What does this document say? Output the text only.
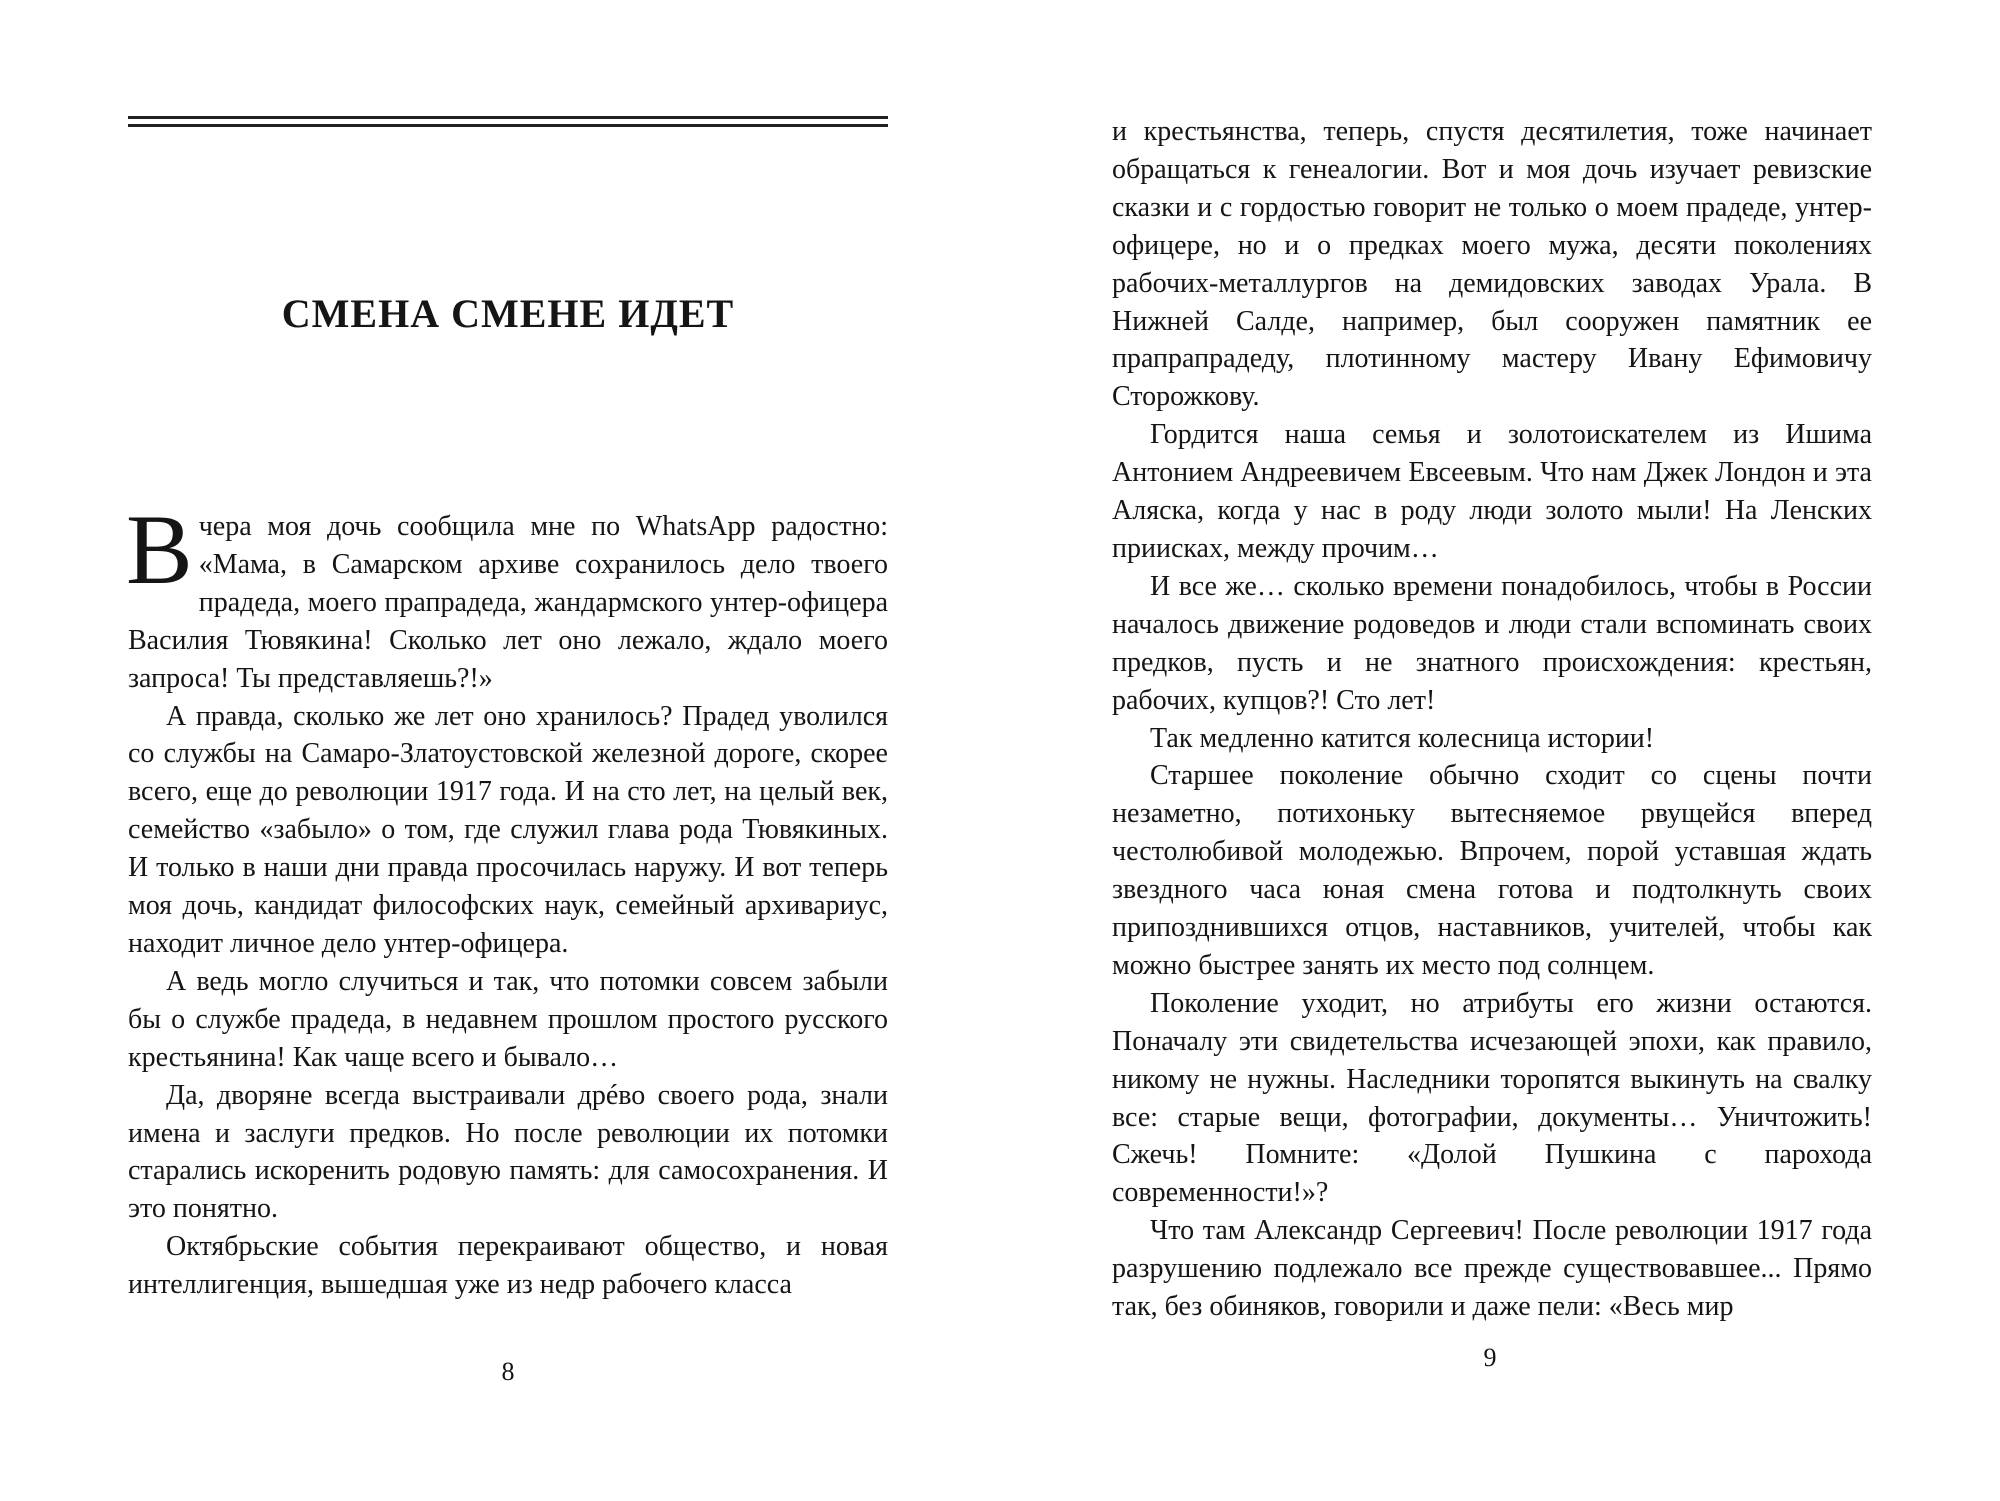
СМЕНА СМЕНЕ ИДЕТ

Вчера моя дочь сообщила мне по WhatsApp радостно: «Мама, в Самарском архиве сохранилось дело твоего прадеда, моего прапрадеда, жандармского унтер-офицера Василия Тювякина! Сколько лет оно лежало, ждало моего запроса! Ты представляешь?!»

А правда, сколько же лет оно хранилось? Прадед уволился со службы на Самаро-Златоустовской железной дороге, скорее всего, еще до революции 1917 года. И на сто лет, на целый век, семейство «забыло» о том, где служил глава рода Тювякиных. И только в наши дни правда просочилась наружу. И вот теперь моя дочь, кандидат философских наук, семейный архивариус, находит личное дело унтер-офицера.

А ведь могло случиться и так, что потомки совсем забыли бы о службе прадеда, в недавнем прошлом простого русского крестьянина! Как чаще всего и бывало…

Да, дворяне всегда выстраивали дрéво своего рода, знали имена и заслуги предков. Но после революции их потомки старались искоренить родовую память: для самосохранения. И это понятно.

Октябрьские события перекраивают общество, и новая интеллигенция, вышедшая уже из недр рабочего класса

8

и крестьянства, теперь, спустя десятилетия, тоже начинает обращаться к генеалогии. Вот и моя дочь изучает ревизские сказки и с гордостью говорит не только о моем прадеде, унтер-офицере, но и о предках моего мужа, десяти поколениях рабочих-металлургов на демидовских заводах Урала. В Нижней Салде, например, был сооружен памятник ее прапрапрадеду, плотинному мастеру Ивану Ефимовичу Сторожкову.

Гордится наша семья и золотоискателем из Ишима Антонием Андреевичем Евсеевым. Что нам Джек Лондон и эта Аляска, когда у нас в роду люди золото мыли! На Ленских приисках, между прочим…

И все же… сколько времени понадобилось, чтобы в России началось движение родоведов и люди стали вспоминать своих предков, пусть и не знатного происхождения: крестьян, рабочих, купцов?! Сто лет!

Так медленно катится колесница истории!

Старшее поколение обычно сходит со сцены почти незаметно, потихоньку вытесняемое рвущейся вперед честолюбивой молодежью. Впрочем, порой уставшая ждать звездного часа юная смена готова и подтолкнуть своих припозднившихся отцов, наставников, учителей, чтобы как можно быстрее занять их место под солнцем.

Поколение уходит, но атрибуты его жизни остаются. Поначалу эти свидетельства исчезающей эпохи, как правило, никому не нужны. Наследники торопятся выкинуть на свалку все: старые вещи, фотографии, документы… Уничтожить! Сжечь! Помните: «Долой Пушкина с парохода современности!»?

Что там Александр Сергеевич! После революции 1917 года разрушению подлежало все прежде существовавшее... Прямо так, без обиняков, говорили и даже пели: «Весь мир

9
